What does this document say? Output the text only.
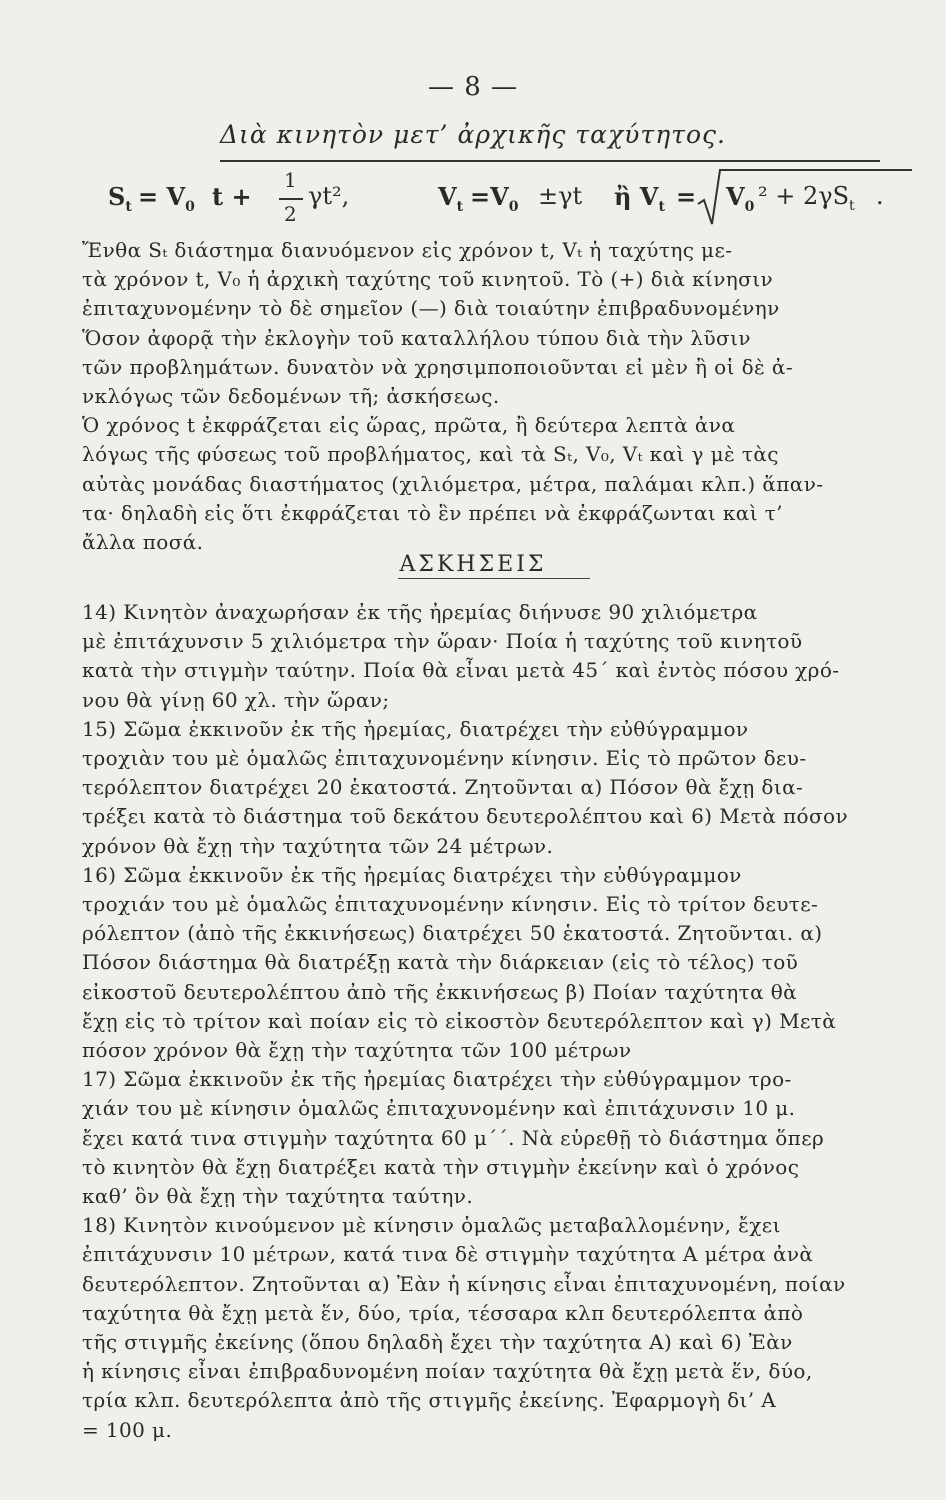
— 8 —
Διὰ κινητὸν μετ’ ἀρχικῆς ταχύτητος.
$S_t = V_0$ t +
1
2
γt²,	$V_t =V_0 \pm\gamma t$ ἢ $V_t = V_0$ $^2 + 2\gamma S_t$ .
Ἔνθα Sₜ διάστημα διανυόμενον εἰς χρόνον t, Vₜ ἡ ταχύτης με-
τὰ χρόνον t, V₀ ἡ ἀρχικὴ ταχύτης τοῦ κινητοῦ. Τὸ (+) διὰ κίνησιν
ἐπιταχυνομένην τὸ δὲ σημεῖον (—) διὰ τοιαύτην ἐπιβραδυνομένην
Ὅσον ἀφορᾷ τὴν ἐκλογὴν τοῦ καταλλήλου τύπου διὰ τὴν λῦσιν
τῶν προβλημάτων. δυνατὸν νὰ χρησιμποποιοῦνται εἰ μὲν ἢ οἱ δὲ ἀ-
νκλόγως τῶν δεδομένων τῆ; ἀσκήσεως.
Ὁ χρόνος t ἐκφράζεται εἰς ὥρας, πρῶτα, ἢ δεύτερα λεπτὰ ἀνα
λόγως τῆς φύσεως τοῦ προβλήματος, καὶ τὰ Sₜ, V₀, Vₜ καὶ γ μὲ τὰς
αὐτὰς μονάδας διαστήματος (χιλιόμετρα, μέτρα, παλάμαι κλπ.) ἅπαν-
τα· δηλαδὴ εἰς ὅτι ἐκφράζεται τὸ ἓν πρέπει νὰ ἐκφράζωνται καὶ τ’
ἄλλα ποσά.
ΑΣΚΗΣΕΙΣ
14) Κινητὸν ἀναχωρήσαν ἐκ τῆς ἠρεμίας διήνυσε 90 χιλιόμετρα
μὲ ἐπιτάχυνσιν 5 χιλιόμετρα τὴν ὥραν· Ποία ἡ ταχύτης τοῦ κινητοῦ
κατὰ τὴν στιγμὴν ταύτην. Ποία θὰ εἶναι μετὰ 45΄ καὶ ἐντὸς πόσου χρό-
νου θὰ γίνῃ 60 χλ. τὴν ὥραν;
15) Σῶμα ἐκκινοῦν ἐκ τῆς ἠρεμίας, διατρέχει τὴν εὐθύγραμμον
τροχιὰν του μὲ ὁμαλῶς ἐπιταχυνομένην κίνησιν. Εἰς τὸ πρῶτον δευ-
τερόλεπτον διατρέχει 20 ἑκατοστά. Ζητοῦνται α) Πόσον θὰ ἔχῃ δια-
τρέξει κατὰ τὸ διάστημα τοῦ δεκάτου δευτερολέπτου καὶ 6) Μετὰ πόσον
χρόνον θὰ ἔχῃ τὴν ταχύτητα τῶν 24 μέτρων.
16) Σῶμα ἐκκινοῦν ἐκ τῆς ἠρεμίας διατρέχει τὴν εὐθύγραμμον
τροχιάν του μὲ ὁμαλῶς ἐπιταχυνομένην κίνησιν. Εἰς τὸ τρίτον δευτε-
ρόλεπτον (ἀπὸ τῆς ἐκκινήσεως) διατρέχει 50 ἑκατοστά. Ζητοῦνται. α)
Πόσον διάστημα θὰ διατρέξῃ κατὰ τὴν διάρκειαν (εἰς τὸ τέλος) τοῦ
εἰκοστοῦ δευτερολέπτου ἀπὸ τῆς ἐκκινήσεως β) Ποίαν ταχύτητα θὰ
ἔχῃ εἰς τὸ τρίτον καὶ ποίαν εἰς τὸ εἰκοστὸν δευτερόλεπτον καὶ γ) Μετὰ
πόσον χρόνον θὰ ἔχῃ τὴν ταχύτητα τῶν 100 μέτρων
17) Σῶμα ἐκκινοῦν ἐκ τῆς ἠρεμίας διατρέχει τὴν εὐθύγραμμον τρο-
χιάν του μὲ κίνησιν ὁμαλῶς ἐπιταχυνομένην καὶ ἐπιτάχυνσιν 10 μ.
ἔχει κατά τινα στιγμὴν ταχύτητα 60 μ΄΄. Νὰ εὑρεθῇ τὸ διάστημα ὅπερ
τὸ κινητὸν θὰ ἔχῃ διατρέξει κατὰ τὴν στιγμὴν ἐκείνην καὶ ὁ χρόνος
καθ’ ὃν θὰ ἔχῃ τὴν ταχύτητα ταύτην.
18) Κινητὸν κινούμενον μὲ κίνησιν ὁμαλῶς μεταβαλλομένην, ἔχει
ἐπιτάχυνσιν 10 μέτρων, κατά τινα δὲ στιγμὴν ταχύτητα Α μέτρα ἀνὰ
δευτερόλεπτον. Ζητοῦνται α) Ἐὰν ἡ κίνησις εἶναι ἐπιταχυνομένη, ποίαν
ταχύτητα θὰ ἔχῃ μετὰ ἕν, δύο, τρία, τέσσαρα κλπ δευτερόλεπτα ἀπὸ
τῆς στιγμῆς ἐκείνης (ὅπου δηλαδὴ ἔχει τὴν ταχύτητα Α) καὶ 6) Ἐὰν
ἡ κίνησις εἶναι ἐπιβραδυνομένη ποίαν ταχύτητα θὰ ἔχῃ μετὰ ἕν, δύο,
τρία κλπ. δευτερόλεπτα ἀπὸ τῆς στιγμῆς ἐκείνης. Ἐφαρμογὴ δι’ Α
= 100 μ.
